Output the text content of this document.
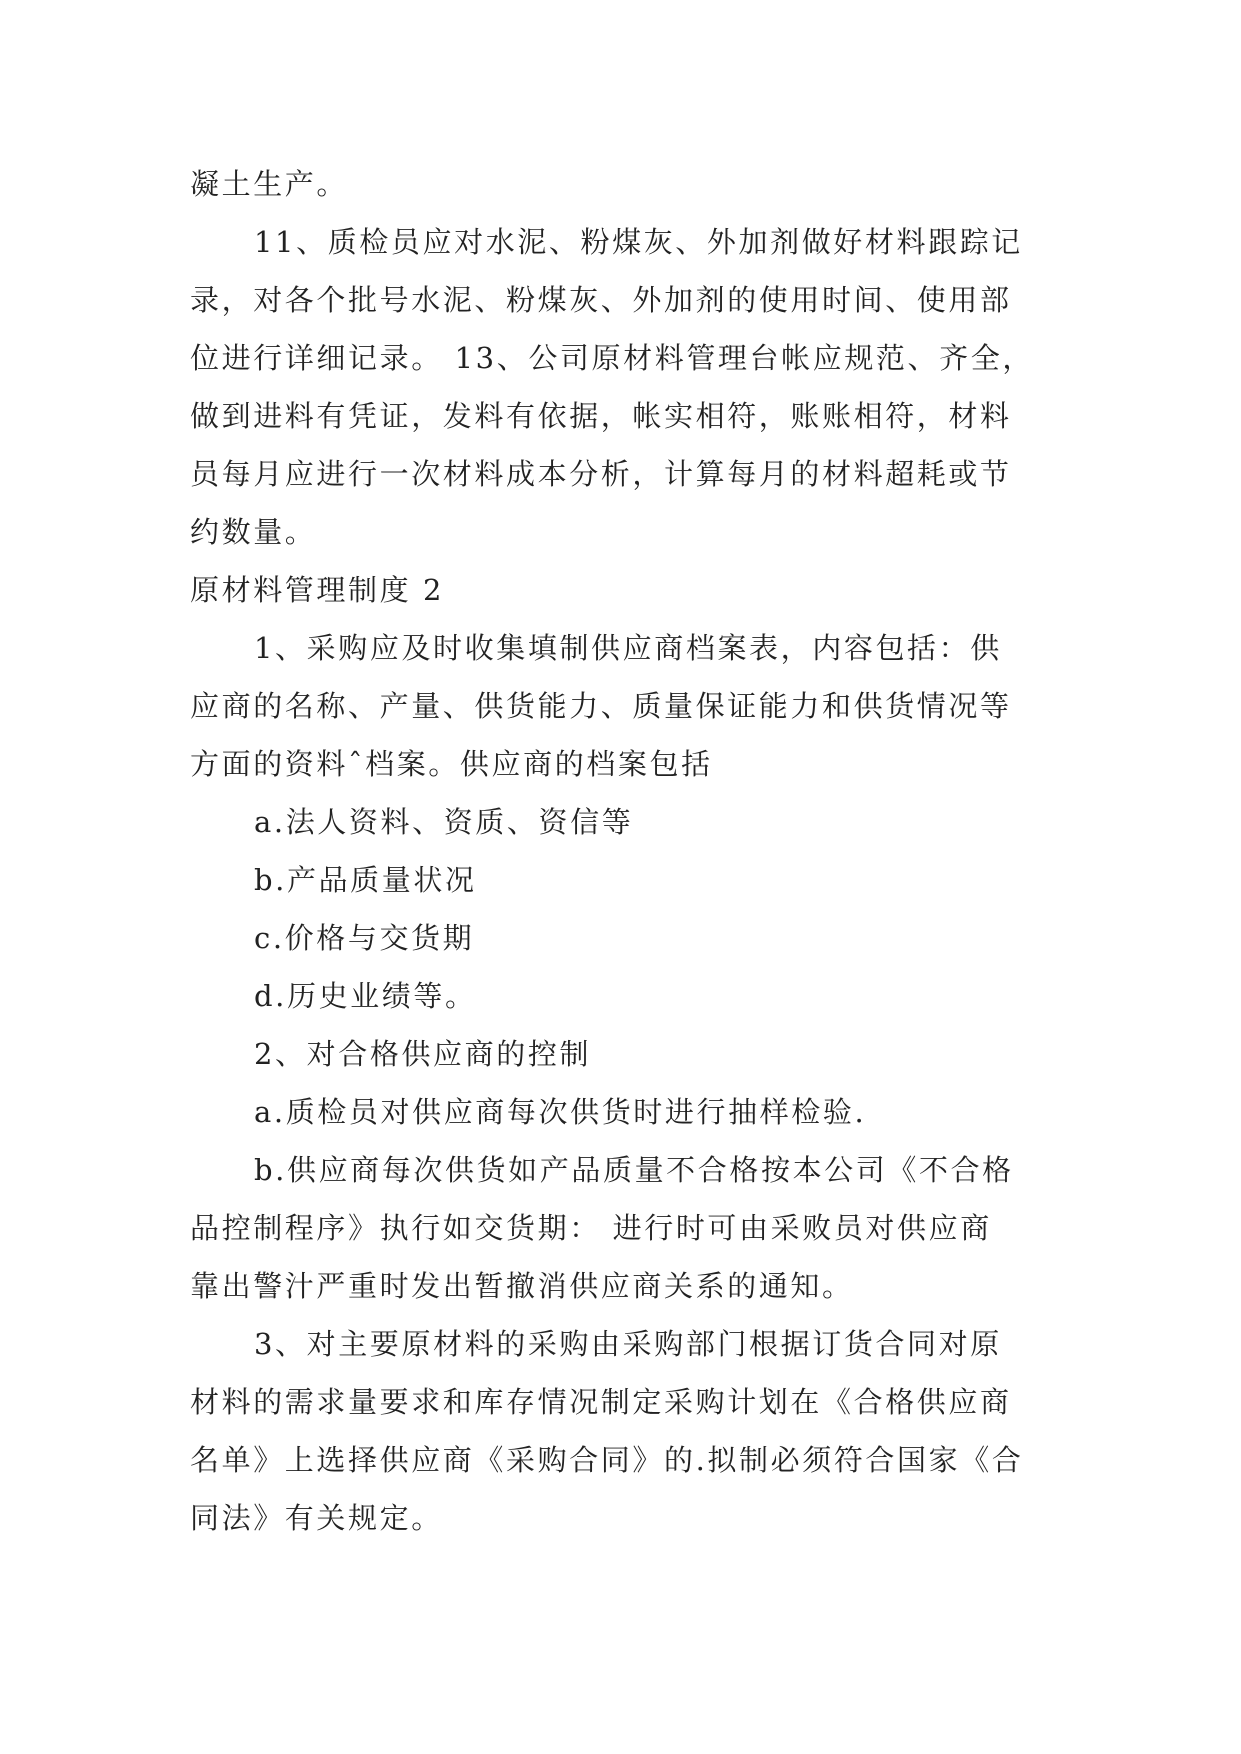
凝土生产。
11、质检员应对水泥、粉煤灰、外加剂做好材料跟踪记
录，对各个批号水泥、粉煤灰、外加剂的使用时间、使用部
位进行详细记录。 13、公司原材料管理台帐应规范、齐全，
做到进料有凭证，发料有依据，帐实相符，账账相符，材料
员每月应进行一次材料成本分析，计算每月的材料超耗或节
约数量。
原材料管理制度 2
1、采购应及时收集填制供应商档案表，内容包括：供
应商的名称、产量、供货能力、质量保证能力和供货情况等
方面的资料ˆ档案。供应商的档案包括
a.法人资料、资质、资信等
b.产品质量状况
c.价格与交货期
d.历史业绩等。
2、对合格供应商的控制
a.质检员对供应商每次供货时进行抽样检验.
b.供应商每次供货如产品质量不合格按本公司《不合格
品控制程序》执行如交货期： 进行时可由采败员对供应商
靠出警汁严重时发出暂撤消供应商关系的通知。
3、对主要原材料的采购由采购部门根据订货合同对原
材料的需求量要求和库存情况制定采购计划在《合格供应商
名单》上选择供应商《采购合同》的.拟制必须符合国家《合
同法》有关规定。
